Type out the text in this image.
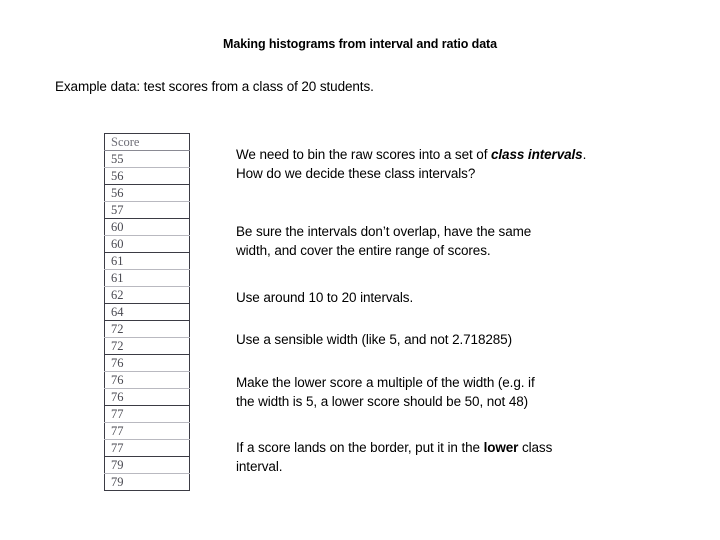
Making histograms from interval and ratio data
Example data: test scores from a class of 20 students.
Score
55
56
56
57
60
60
61
61
62
64
72
72
76
76
76
77
77
77
79
79
We need to bin the raw scores into a set of class intervals.
How do we decide these class intervals?
Be sure the intervals don’t overlap, have the same
width, and cover the entire range of scores.
Use around 10 to 20 intervals.
Use a sensible width (like 5, and not 2.718285)
Make the lower score a multiple of the width (e.g. if
the width is 5, a lower score should be 50, not 48)
If a score lands on the border, put it in the lower class
interval.
